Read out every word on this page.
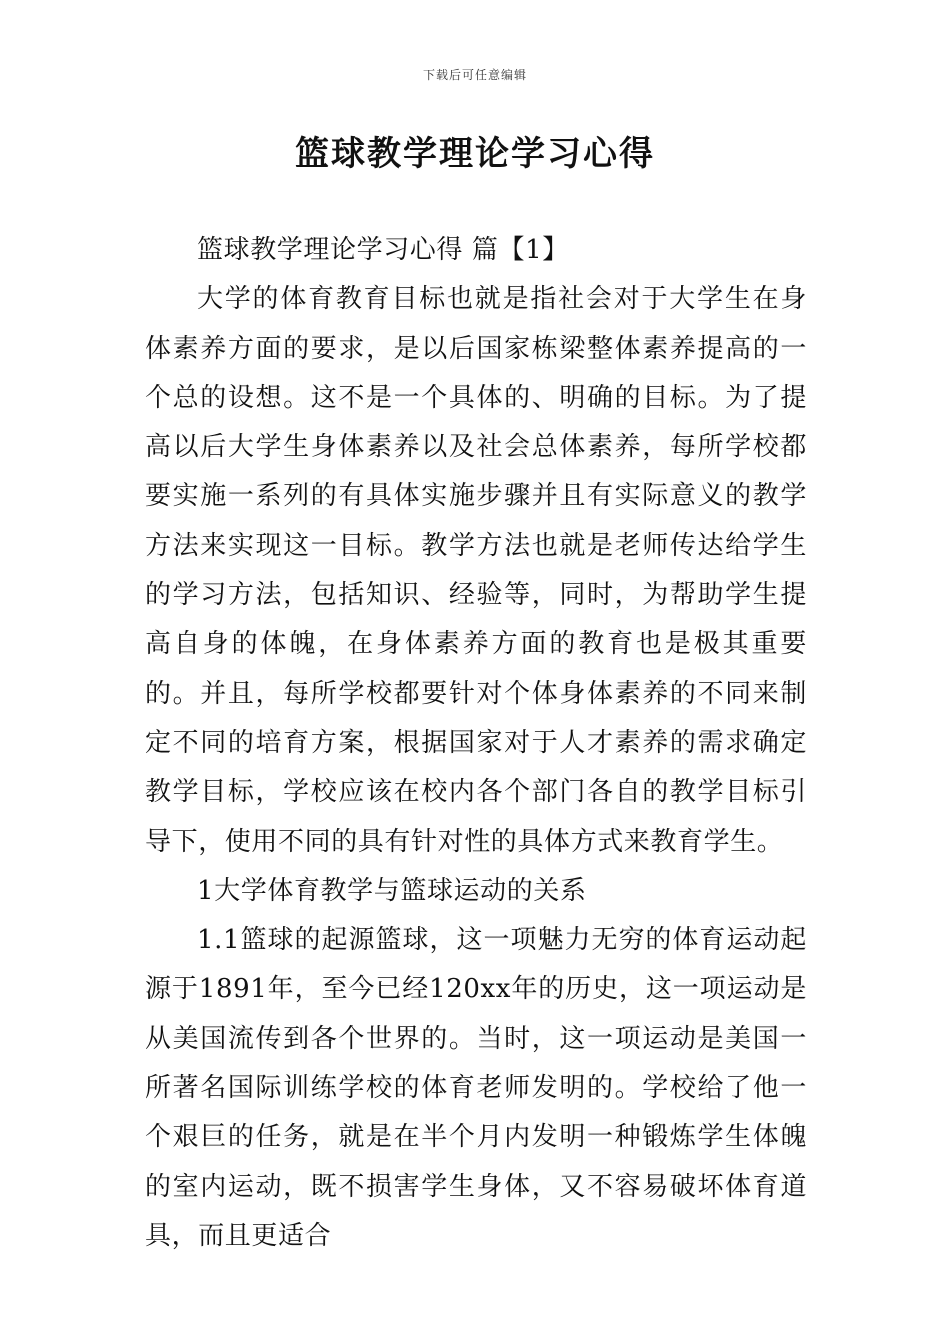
下载后可任意编辑
篮球教学理论学习心得

篮球教学理论学习心得 篇【1】

大学的体育教育目标也就是指社会对于大学生在身体素养方面的要求，是以后国家栋梁整体素养提高的一个总的设想。这不是一个具体的、明确的目标。为了提高以后大学生身体素养以及社会总体素养，每所学校都要实施一系列的有具体实施步骤并且有实际意义的教学方法来实现这一目标。教学方法也就是老师传达给学生的学习方法，包括知识、经验等，同时，为帮助学生提高自身的体魄，在身体素养方面的教育也是极其重要的。并且，每所学校都要针对个体身体素养的不同来制定不同的培育方案，根据国家对于人才素养的需求确定教学目标，学校应该在校内各个部门各自的教学目标引导下，使用不同的具有针对性的具体方式来教育学生。

1大学体育教学与篮球运动的关系

1.1篮球的起源篮球，这一项魅力无穷的体育运动起源于1891年，至今已经120xx年的历史，这一项运动是从美国流传到各个世界的。当时，这一项运动是美国一所著名国际训练学校的体育老师发明的。学校给了他一个艰巨的任务，就是在半个月内发明一种锻炼学生体魄的室内运动，既不损害学生身体，又不容易破坏体育道具，而且更适合
